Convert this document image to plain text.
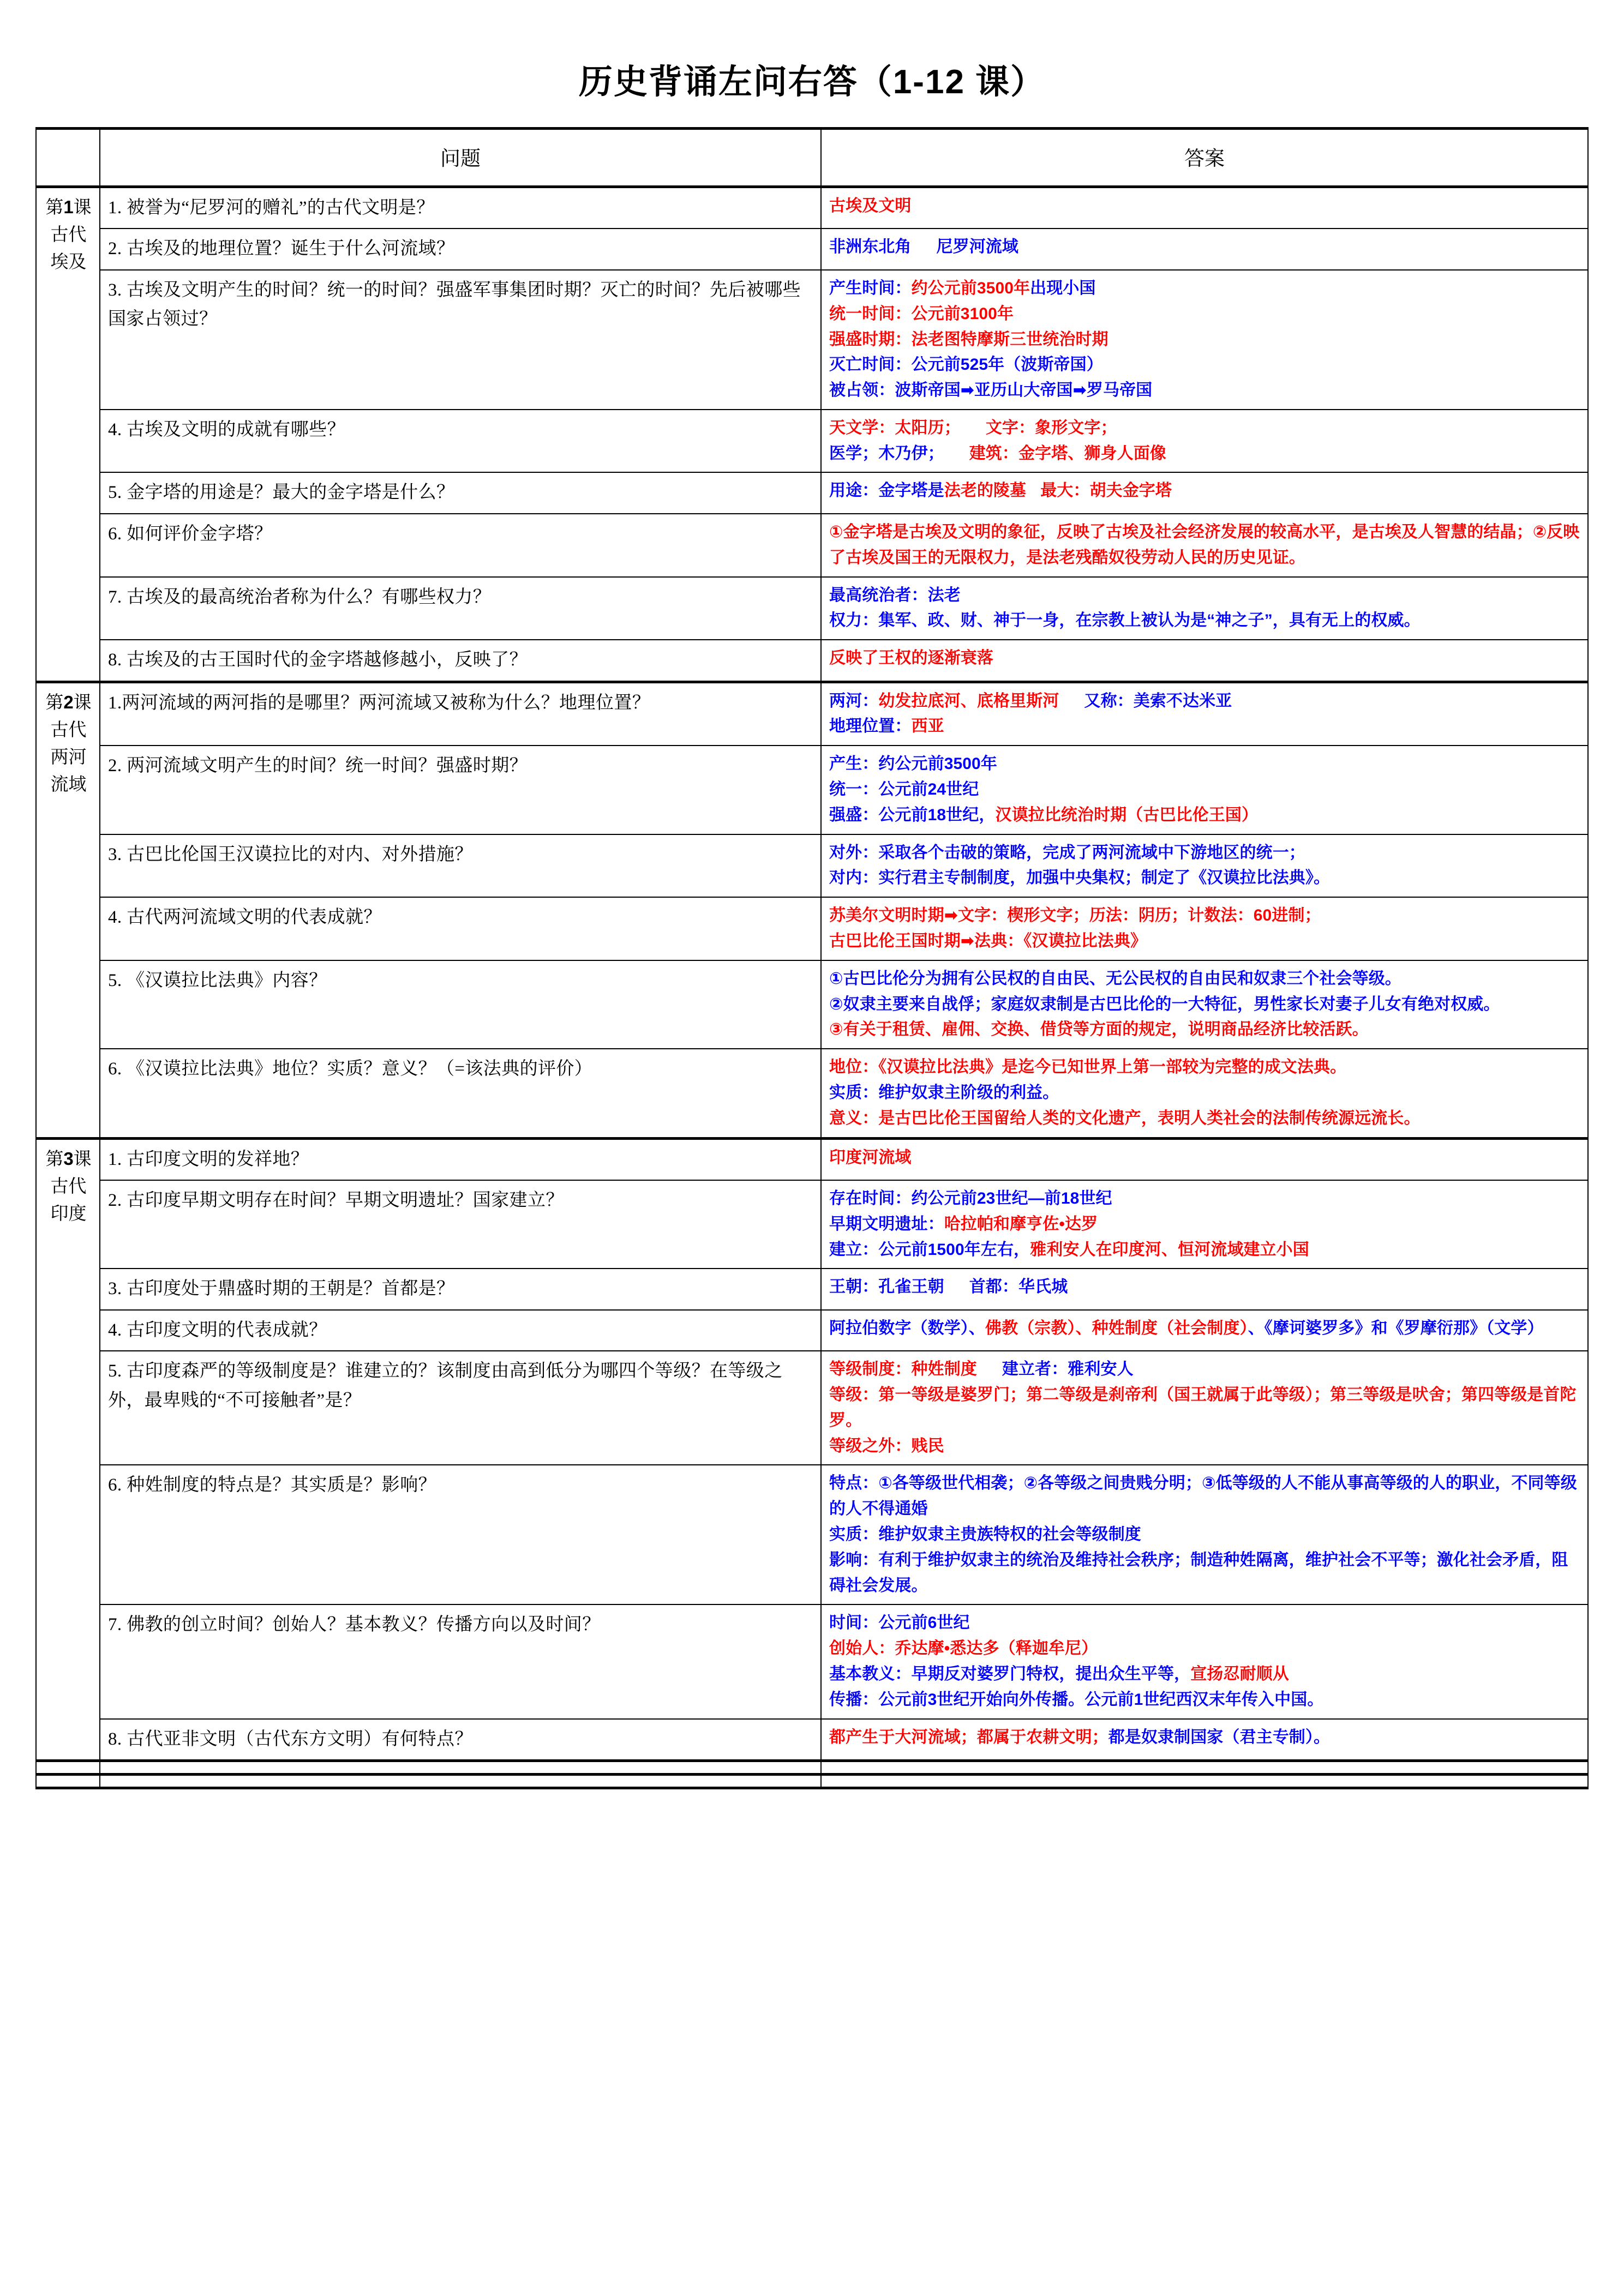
历史背诵左问右答（1-12 课）
	问题	答案
第1课古代埃及	1. 被誉为“尼罗河的赠礼”的古代文明是？	古埃及文明

	2. 古埃及的地理位置？诞生于什么河流域？	非洲东北角 尼罗河流域

	3. 古埃及文明产生的时间？统一的时间？强盛军事集团时期？灭亡的时间？先后被哪些国家占领过？	产生时间：约公元前3500年出现小国
统一时间：公元前3100年
强盛时期：法老图特摩斯三世统治时期
灭亡时间：公元前525年（波斯帝国）
被占领：波斯帝国➡亚历山大帝国➡罗马帝国

	4. 古埃及文明的成就有哪些？	天文学：太阳历； 文字：象形文字；
医学；木乃伊； 建筑：金字塔、狮身人面像

	5. 金字塔的用途是？最大的金字塔是什么？	用途：金字塔是法老的陵墓 最大：胡夫金字塔

	6. 如何评价金字塔？	①金字塔是古埃及文明的象征，反映了古埃及社会经济发展的较高水平，是古埃及人智慧的结晶；②反映了古埃及国王的无限权力，是法老残酷奴役劳动人民的历史见证。

	7. 古埃及的最高统治者称为什么？有哪些权力？	最高统治者：法老
权力：集军、政、财、神于一身，在宗教上被认为是“神之子”，具有无上的权威。

	8. 古埃及的古王国时代的金字塔越修越小，反映了？	反映了王权的逐渐衰落

第2课古代两河流域	1.两河流域的两河指的是哪里？两河流域又被称为什么？地理位置？	两河：幼发拉底河、底格里斯河 又称：美索不达米亚
地理位置：西亚

	2. 两河流域文明产生的时间？统一时间？强盛时期？	产生：约公元前3500年
统一：公元前24世纪
强盛：公元前18世纪，汉谟拉比统治时期（古巴比伦王国）

	3. 古巴比伦国王汉谟拉比的对内、对外措施？	对外：采取各个击破的策略，完成了两河流域中下游地区的统一；
对内：实行君主专制制度，加强中央集权；制定了《汉谟拉比法典》。

	4. 古代两河流域文明的代表成就？	苏美尔文明时期➡文字：楔形文字；历法：阴历；计数法：60进制；
古巴比伦王国时期➡法典：《汉谟拉比法典》

	5. 《汉谟拉比法典》内容？	①古巴比伦分为拥有公民权的自由民、无公民权的自由民和奴隶三个社会等级。
②奴隶主要来自战俘；家庭奴隶制是古巴比伦的一大特征，男性家长对妻子儿女有绝对权威。
③有关于租赁、雇佣、交换、借贷等方面的规定，说明商品经济比较活跃。

	6. 《汉谟拉比法典》地位？实质？意义？（=该法典的评价）	地位：《汉谟拉比法典》是迄今已知世界上第一部较为完整的成文法典。
实质：维护奴隶主阶级的利益。
意义：是古巴比伦王国留给人类的文化遗产，表明人类社会的法制传统源远流长。

第3课古代印度	1. 古印度文明的发祥地？	印度河流域

	2. 古印度早期文明存在时间？早期文明遗址？国家建立？	存在时间：约公元前23世纪—前18世纪
早期文明遗址：哈拉帕和摩亨佐•达罗
建立：公元前1500年左右，雅利安人在印度河、恒河流域建立小国

	3. 古印度处于鼎盛时期的王朝是？首都是？	王朝：孔雀王朝 首都：华氏城

	4. 古印度文明的代表成就？	阿拉伯数字（数学）、佛教（宗教）、种姓制度（社会制度）、《摩诃婆罗多》和《罗摩衍那》（文学）

	5. 古印度森严的等级制度是？谁建立的？该制度由高到低分为哪四个等级？在等级之外，最卑贱的“不可接触者”是？	等级制度：种姓制度 建立者：雅利安人
等级：第一等级是婆罗门；第二等级是刹帝利（国王就属于此等级）；第三等级是吠舍；第四等级是首陀罗。
等级之外：贱民

	6. 种姓制度的特点是？其实质是？影响？	特点：①各等级世代相袭；②各等级之间贵贱分明；③低等级的人不能从事高等级的人的职业，不同等级的人不得通婚
实质：维护奴隶主贵族特权的社会等级制度
影响：有利于维护奴隶主的统治及维持社会秩序；制造种姓隔离，维护社会不平等；激化社会矛盾，阻碍社会发展。

	7. 佛教的创立时间？创始人？基本教义？传播方向以及时间？	时间：公元前6世纪
创始人：乔达摩•悉达多（释迦牟尼）
基本教义：早期反对婆罗门特权，提出众生平等，宣扬忍耐顺从
传播：公元前3世纪开始向外传播。公元前1世纪西汉末年传入中国。

	8. 古代亚非文明（古代东方文明）有何特点？	都产生于大河流域；都属于农耕文明；都是奴隶制国家（君主专制）。
